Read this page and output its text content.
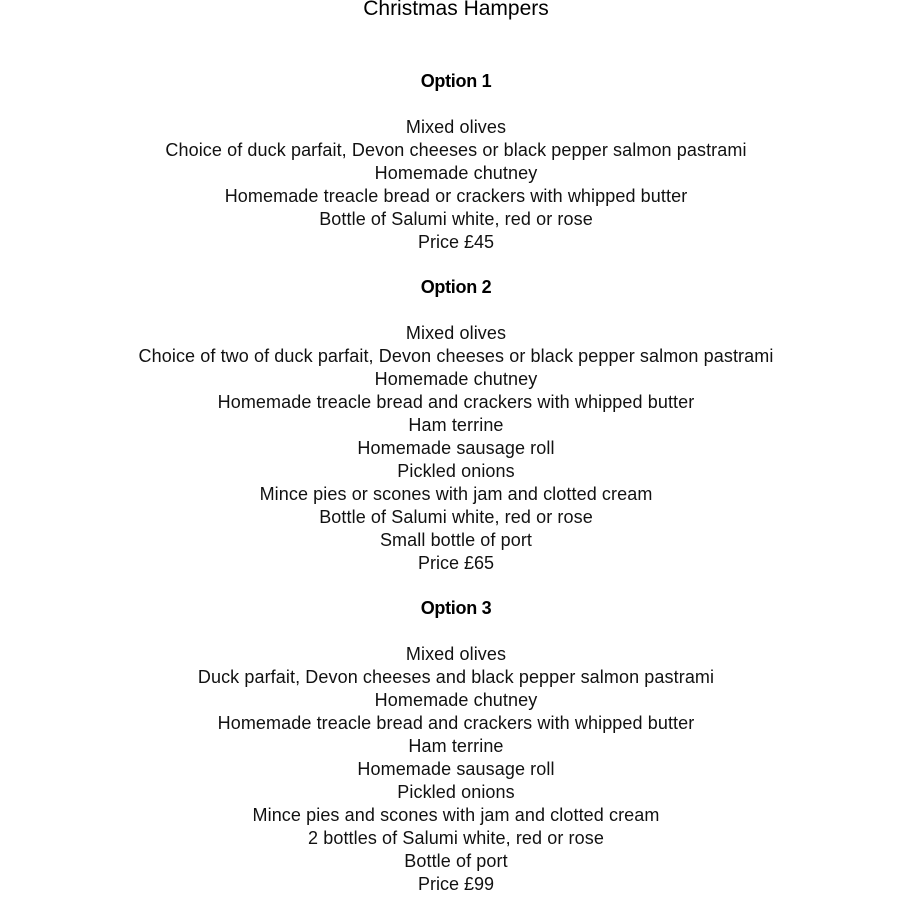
Christmas Hampers
Option 1
Mixed olives
Choice of duck parfait, Devon cheeses or black pepper salmon pastrami
Homemade chutney
Homemade treacle bread or crackers with whipped butter
Bottle of Salumi white, red or rose

Price £45

Option 2
Mixed olives
Choice of two of duck parfait, Devon cheeses or black pepper salmon pastrami
Homemade chutney
Homemade treacle bread and crackers with whipped butter
Ham terrine
Homemade sausage roll
Pickled onions
Mince pies or scones with jam and clotted cream
Bottle of Salumi white, red or rose
Small bottle of port

Price £65

Option 3
Mixed olives
Duck parfait, Devon cheeses and black pepper salmon pastrami
Homemade chutney
Homemade treacle bread and crackers with whipped butter
Ham terrine
Homemade sausage roll
Pickled onions
Mince pies and scones with jam and clotted cream
2 bottles of Salumi white, red or rose
Bottle of port

Price £99
